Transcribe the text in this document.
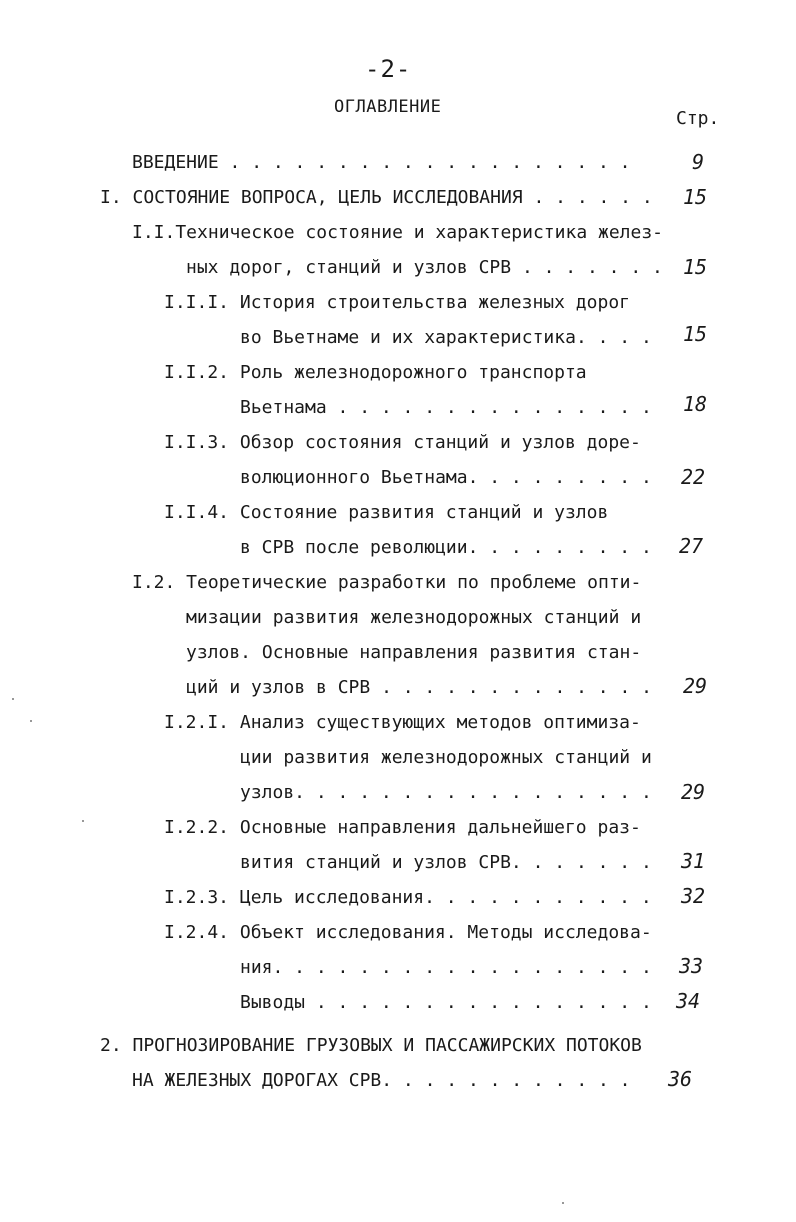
-2-
ОГЛАВЛЕНИЕ
Стр.
ВВЕДЕНИЕ . . . . . . . . . . . . . . . . . . .	9
I. СОСТОЯНИЕ ВОПРОСА, ЦЕЛЬ ИССЛЕДОВАНИЯ . . . . . . 15
I.I.Техническое состояние и характеристика желез-
ных дорог, станций и узлов СРВ . . . . . . . 15
I.I.I. История строительства железных дорог
во Вьетнаме и их характеристика. . . . 15
I.I.2. Роль железнодорожного транспорта
Вьетнама . . . . . . . . . . . . . . . 18
I.I.3. Обзор состояния станций и узлов доре-
волюционного Вьетнама. . . . . . . . . 22
I.I.4. Состояние развития станций и узлов
в СРВ после революции. . . . . . . . . 27
I.2. Теоретические разработки по проблеме опти-
мизации развития железнодорожных станций и
узлов. Основные направления развития стан-
ций и узлов в СРВ . . . . . . . . . . . . . 29
I.2.I. Анализ существующих методов оптимиза-
ции развития железнодорожных станций и
узлов. . . . . . . . . . . . . . . . . 29
I.2.2. Основные направления дальнейшего раз-
вития станций и узлов СРВ. . . . . . . 31
I.2.3. Цель исследования. . . . . . . . . . . 32
I.2.4. Объект исследования. Методы исследова-
ния. . . . . . . . . . . . . . . . . . 33
Выводы . . . . . . . . . . . . . . . . 34
2. ПРОГНОЗИРОВАНИЕ ГРУЗОВЫХ И ПАССАЖИРСКИХ ПОТОКОВ
НА ЖЕЛЕЗНЫХ ДОРОГАХ СРВ. . . . . . . . . . . . 36
